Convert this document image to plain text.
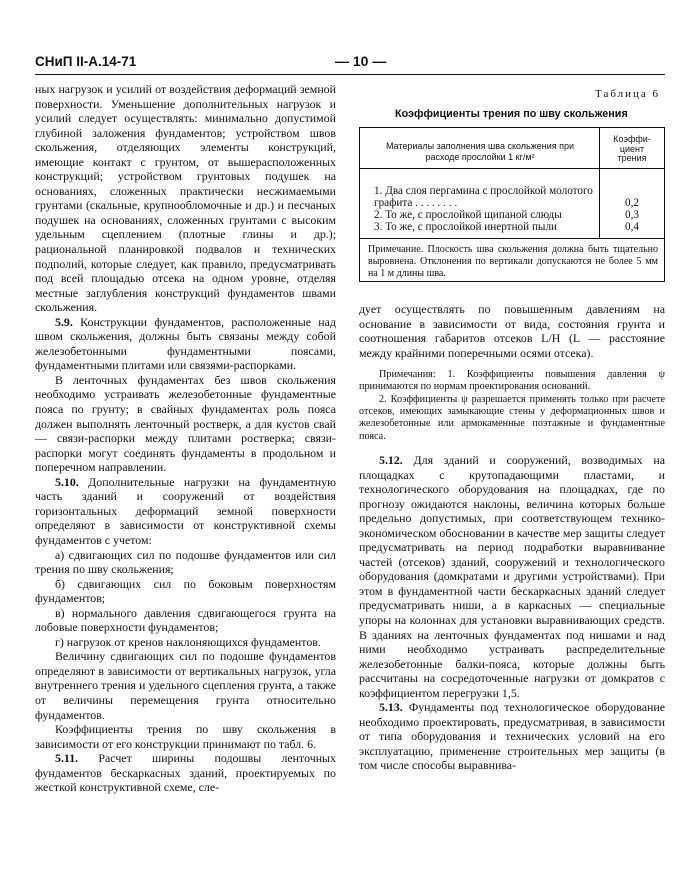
СНиП II-А.14-71	— 10 —

ных нагрузок и усилий от воздействия деформаций земной поверхности. Уменьшение дополнительных нагрузок и усилий следует осуществлять: минимально допустимой глубиной заложения фундаментов; устройством швов скольжения, отделяющих элементы конструкций, имеющие контакт с грунтом, от вышерасположенных конструкций; устройством грунтовых подушек на основаниях, сложенных практически несжимаемыми грунтами (скальные, крупнообломочные и др.) и песчаных подушек на основаниях, сложенных грунтами с высоким удельным сцеплением (плотные глины и др.); рациональной планировкой подвалов и технических подполий, которые следует, как правило, предусматривать под всей площадью отсека на одном уровне, отделяя местные заглубления конструкций фундаментов швами скольжения.

5.9. Конструкции фундаментов, расположенные над швом скольжения, должны быть связаны между собой железобетонными фундаментными поясами, фундаментными плитами или связями-распорками.

В ленточных фундаментах без швов скольжения необходимо устраивать железобетонные фундаментные пояса по грунту; в свайных фундаментах роль пояса должен выполнять ленточный ростверк, а для кустов свай — связи-распорки между плитами ростверка; связи-распорки могут соединять фундаменты в продольном и поперечном направлении.

5.10. Дополнительные нагрузки на фундаментную часть зданий и сооружений от воздействия горизонтальных деформаций земной поверхности определяют в зависимости от конструктивной схемы фундаментов с учетом:

а) сдвигающих сил по подошве фундаментов или сил трения по шву скольжения;

б) сдвигающих сил по боковым поверхностям фундаментов;

в) нормального давления сдвигающегося грунта на лобовые поверхности фундаментов;

г) нагрузок от кренов наклоняющихся фундаментов.

Величину сдвигающих сил по подошве фундаментов определяют в зависимости от вертикальных нагрузок, угла внутреннего трения и удельного сцепления грунта, а также от величины перемещения грунта относительно фундаментов.

Коэффициенты трения по шву скольжения в зависимости от его конструкции принимают по табл. 6.

5.11. Расчет ширины подошвы ленточных фундаментов бескаркасных зданий, проектируемых по жесткой конструктивной схеме, сле-

Таблица 6
Коэффициенты трения по шву скольжения
Материалы заполнения шва скольжения при расходе прослойки 1 кг/м²
Коэффи-
циент
трения
1. Два слоя пергамина с прослойкой молотого графита . . . . . . . .	0,2
2. То же, с прослойкой щипаной слюды	0,3
3. То же, с прослойкой инертной пыли	0,4
Примечание. Плоскость шва скольжения должна быть тщательно выровнена. Отклонения по вертикали допускаются не более 5 мм на 1 м длины шва.

дует осуществлять по повышенным давлениям на основание в зависимости от вида, состояния грунта и соотношения габаритов отсеков L/H (L — расстояние между крайними поперечными осями отсека).

Примечания: 1. Коэффициенты повышения давления ψ принимаются по нормам проектирования оснований.

2. Коэффициенты ψ разрешается применять только при расчете отсеков, имеющих замыкающие стены у деформационных швов и железобетонные или армокаменные поэтажные и фундаментные пояса.

5.12. Для зданий и сооружений, возводимых на площадках с крутопадающими пластами, и технологического оборудования на площадках, где по прогнозу ожидаются наклоны, величина которых больше предельно допустимых, при соответствующем технико-экономическом обосновании в качестве мер защиты следует предусматривать на период подработки выравнивание частей (отсеков) зданий, сооружений и технологического оборудования (домкратами и другими устройствами). При этом в фундаментной части бескаркасных зданий следует предусматривать ниши, а в каркасных — специальные упоры на колоннах для установки выравнивающих средств. В зданиях на ленточных фундаментах под нишами и над ними необходимо устраивать распределительные железобетонные балки-пояса, которые должны быть рассчитаны на сосредоточенные нагрузки от домкратов с коэффициентом перегрузки 1,5.

5.13. Фундаменты под технологическое оборудование необходимо проектировать, предусматривая, в зависимости от типа оборудования и технических условий на его эксплуатацию, применение строительных мер защиты (в том числе способы выравнива-
